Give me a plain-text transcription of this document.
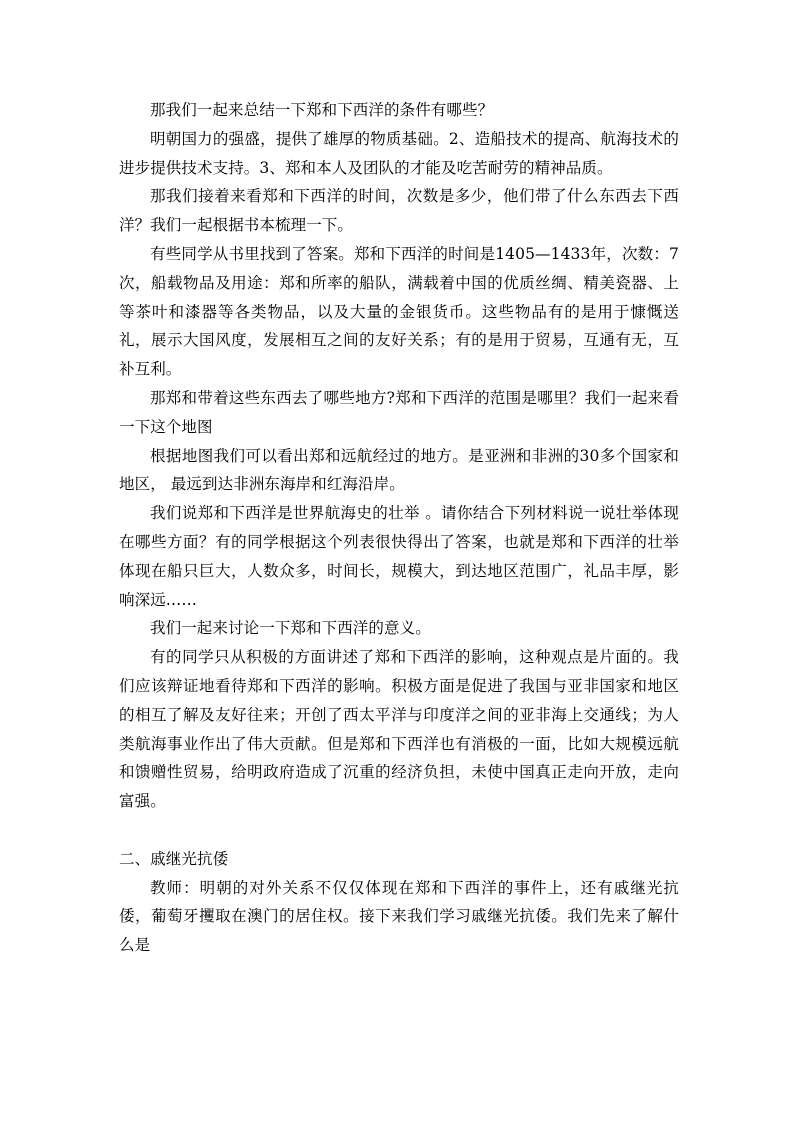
那我们一起来总结一下郑和下西洋的条件有哪些？

明朝国力的强盛，提供了雄厚的物质基础。2、造船技术的提高、航海技术的进步提供技术支持。3、郑和本人及团队的才能及吃苦耐劳的精神品质。

那我们接着来看郑和下西洋的时间，次数是多少，他们带了什么东西去下西洋？我们一起根据书本梳理一下。

有些同学从书里找到了答案。郑和下西洋的时间是1405—1433年，次数：7次，船载物品及用途：郑和所率的船队，满载着中国的优质丝绸、精美瓷器、上等茶叶和漆器等各类物品，以及大量的金银货币。这些物品有的是用于慷慨送礼，展示大国风度，发展相互之间的友好关系；有的是用于贸易，互通有无，互补互利。

那郑和带着这些东西去了哪些地方?郑和下西洋的范围是哪里？我们一起来看一下这个地图

根据地图我们可以看出郑和远航经过的地方。是亚洲和非洲的30多个国家和地区， 最远到达非洲东海岸和红海沿岸。

我们说郑和下西洋是世界航海史的壮举 。请你结合下列材料说一说壮举体现在哪些方面？有的同学根据这个列表很快得出了答案，也就是郑和下西洋的壮举体现在船只巨大，人数众多，时间长，规模大，到达地区范围广，礼品丰厚，影响深远……

我们一起来讨论一下郑和下西洋的意义。

有的同学只从积极的方面讲述了郑和下西洋的影响，这种观点是片面的。我们应该辩证地看待郑和下西洋的影响。积极方面是促进了我国与亚非国家和地区的相互了解及友好往来；开创了西太平洋与印度洋之间的亚非海上交通线；为人类航海事业作出了伟大贡献。但是郑和下西洋也有消极的一面，比如大规模远航和馈赠性贸易，给明政府造成了沉重的经济负担，未使中国真正走向开放，走向富强。

二、戚继光抗倭

教师：明朝的对外关系不仅仅体现在郑和下西洋的事件上，还有戚继光抗倭，葡萄牙攫取在澳门的居住权。接下来我们学习戚继光抗倭。我们先来了解什么是
